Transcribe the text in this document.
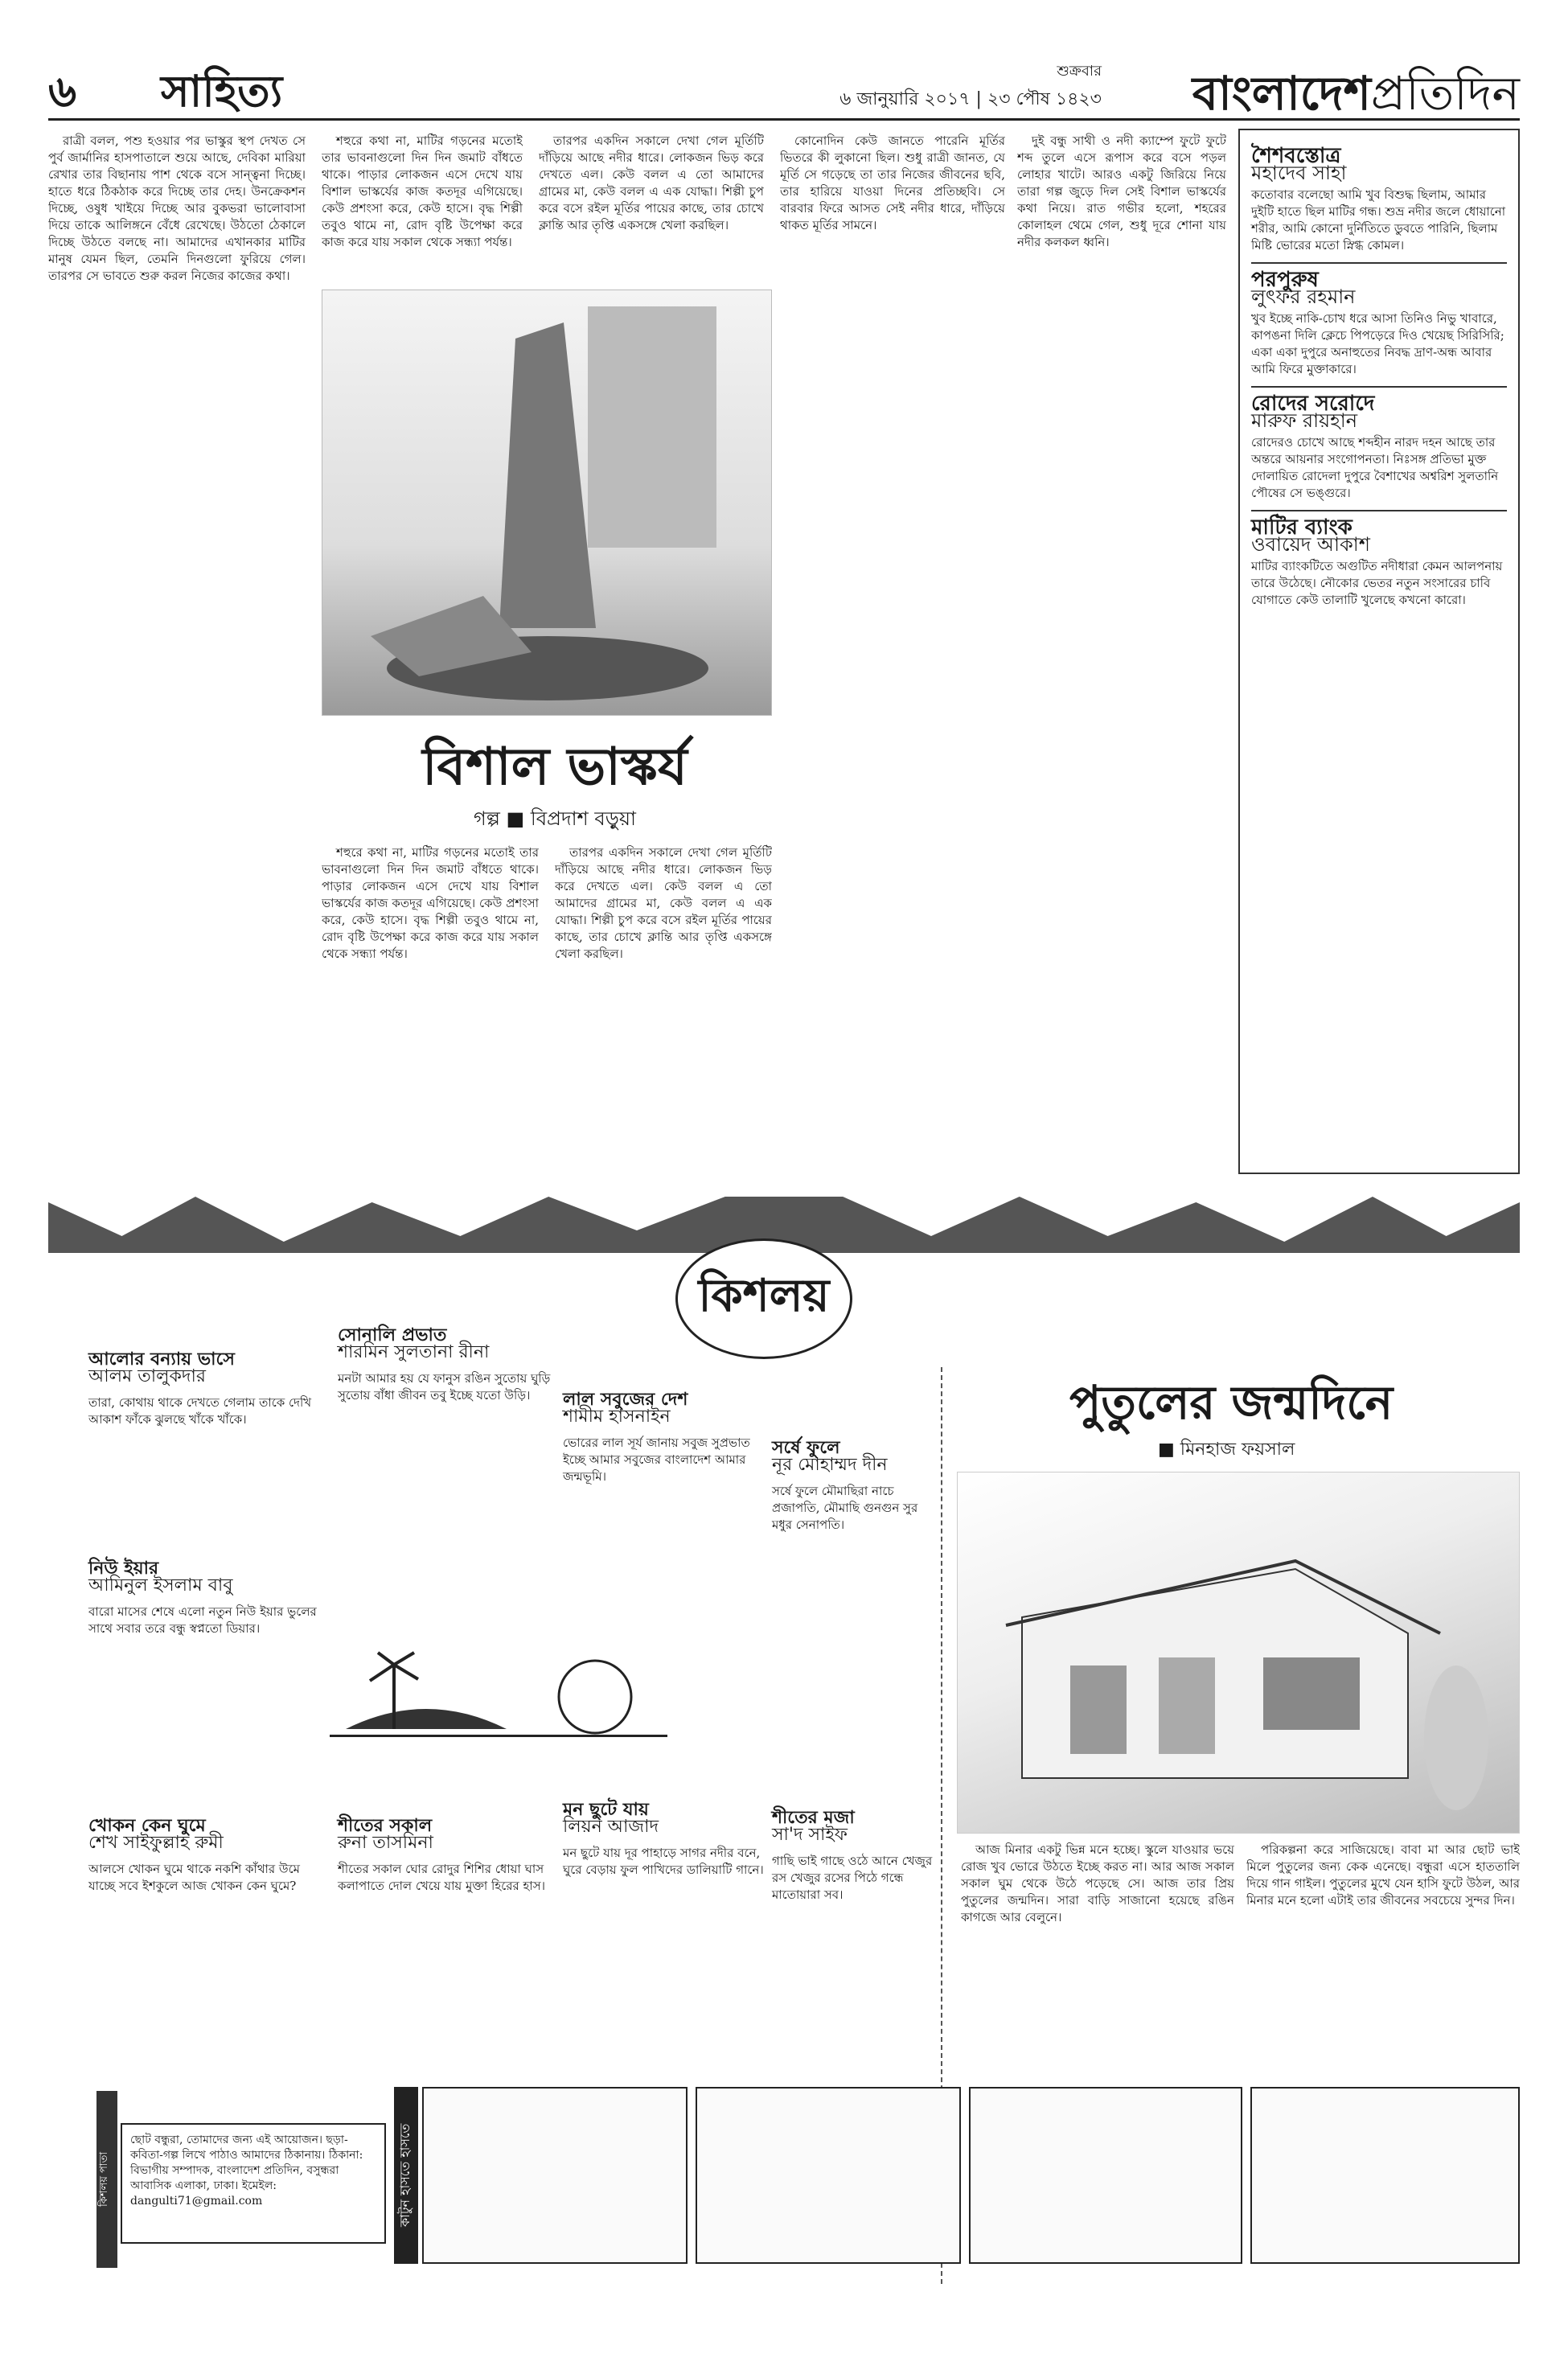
৬ সাহিত্য	শুক্রবার
৬ জানুয়ারি ২০১৭ | ২৩ পৌষ ১৪২৩ বাংলাদেশপ্রতিদিন

রাত্রী বলল, পশু হওয়ার পর ভাস্কুর স্থপ দেখত সে পুর্ব জার্মানির হাসপাতালে শুয়ে আছে, দেবিকা মারিয়া রেখার তার বিছানায় পাশ থেকে বসে সান্ত্বনা দিচ্ছে। হাতে ধরে ঠিকঠাক করে দিচ্ছে তার দেহ। উনক্রেকশন দিচ্ছে, ওষুধ খাইয়ে দিচ্ছে আর বুকভরা ভালোবাসা দিয়ে তাকে আলিঙ্গনে বেঁধে রেখেছে। উঠতো ঠেকালে দিচ্ছে উঠতে বলছে না। আমাদের এখানকার মাটির মানুষ যেমন ছিল, তেমনি দিনগুলো ফুরিয়ে গেল। তারপর সে ভাবতে শুরু করল নিজের কাজের কথা।

শহুরে কথা না, মাটির গড়নের মতোই তার ভাবনাগুলো দিন দিন জমাট বাঁধতে থাকে। পাড়ার লোকজন এসে দেখে যায় বিশাল ভাস্কর্যের কাজ কতদূর এগিয়েছে। কেউ প্রশংসা করে, কেউ হাসে। বৃদ্ধ শিল্পী তবুও থামে না, রোদ বৃষ্টি উপেক্ষা করে কাজ করে যায় সকাল থেকে সন্ধ্যা পর্যন্ত।

তারপর একদিন সকালে দেখা গেল মূর্তিটি দাঁড়িয়ে আছে নদীর ধারে। লোকজন ভিড় করে দেখতে এল। কেউ বলল এ তো আমাদের গ্রামের মা, কেউ বলল এ এক যোদ্ধা। শিল্পী চুপ করে বসে রইল মূর্তির পায়ের কাছে, তার চোখে ক্লান্তি আর তৃপ্তি একসঙ্গে খেলা করছিল।

কোনোদিন কেউ জানতে পারেনি মূর্তির ভিতরে কী লুকানো ছিল। শুধু রাত্রী জানত, যে মূর্তি সে গড়েছে তা তার নিজের জীবনের ছবি, তার হারিয়ে যাওয়া দিনের প্রতিচ্ছবি। সে বারবার ফিরে আসত সেই নদীর ধারে, দাঁড়িয়ে থাকত মূর্তির সামনে।

দুই বন্ধু সাথী ও নদী ক্যাম্পে ফুটে ফুটে শব্দ তুলে এসে রূপাস করে বসে পড়ল লোহার খাটে। আরও একটু জিরিয়ে নিয়ে তারা গল্প জুড়ে দিল সেই বিশাল ভাস্কর্যের কথা নিয়ে। রাত গভীর হলো, শহরের কোলাহল থেমে গেল, শুধু দূরে শোনা যায় নদীর কলকল ধ্বনি।

শহুরে কথা না, মাটির গড়নের মতোই তার ভাবনাগুলো দিন দিন জমাট বাঁধতে থাকে। পাড়ার লোকজন এসে দেখে যায় বিশাল ভাস্কর্যের কাজ কতদূর এগিয়েছে। কেউ প্রশংসা করে, কেউ হাসে। বৃদ্ধ শিল্পী তবুও থামে না, রোদ বৃষ্টি উপেক্ষা করে কাজ করে যায় সকাল থেকে সন্ধ্যা পর্যন্ত।

তারপর একদিন সকালে দেখা গেল মূর্তিটি দাঁড়িয়ে আছে নদীর ধারে। লোকজন ভিড় করে দেখতে এল। কেউ বলল এ তো আমাদের গ্রামের মা, কেউ বলল এ এক যোদ্ধা। শিল্পী চুপ করে বসে রইল মূর্তির পায়ের কাছে, তার চোখে ক্লান্তি আর তৃপ্তি একসঙ্গে খেলা করছিল।

বিশাল ভাস্কর্য
গল্প ■ বিপ্রদাশ বড়ুয়া
শৈশবস্তোত্র
মহাদেব সাহা
কতোবার বলেছো আমি খুব বিশুদ্ধ ছিলাম, আমার দুইটি হাতে ছিল মাটির গন্ধ। শুভ্র নদীর জলে ধোয়ানো শরীর, আমি কোনো দুর্নিতিতে ডুবতে পারিনি, ছিলাম মিষ্টি ভোরের মতো স্নিগ্ধ কোমল।
পরপুরুষ
লুৎফর রহমান
খুব ইচ্ছে নাকি-চোখ ধরে আসা তিনিও নিভু খাবারে, কাপঙনা দিলি ক্লেচে পিপড়েরে দিও খেয়েছ সিরিসিরি; একা একা দুপুরে অনাহুতের নিবদ্ধ দ্রাণ-অন্ধ আবার আমি ফিরে মুক্তাকারে।
রোদের সরোদে
মারুফ রায়হান
রোদেরও চোখে আছে শব্দহীন নারদ দহন আছে তার অন্তরে আয়নার সংগোপনতা। নিঃসঙ্গ প্রতিভা মুক্ত দোলায়িত রোদেলা দুপুরে বৈশাখের অশ্বরিশ সুলতানি পৌষের সে ভঙ্গুরে।
মাটির ব্যাংক
ওবায়েদ আকাশ
মাটির ব্যাংকটিতে অগুটিত নদীধারা কেমন আলপনায় তারে উঠেছে। নৌকোর ভেতর নতুন সংসারের চাবি যোগাতে কেউ তালাটি খুলেছে কখনো কারো।
কিশলয়
আলোর বন্যায় ভাসে
আলম তালুকদার
তারা, কোথায় থাকে দেখতে গেলাম তাকে দেখি আকাশ ফাঁকে ঝুলছে খাঁকে খাঁকে।
সোনালি প্রভাত
শারমিন সুলতানা রীনা
মনটা আমার হয় যে ফানুস রঙিন সুতোয় ঘুড়ি সুতোয় বাঁধা জীবন তবু ইচ্ছে যতো উড়ি।	লাল সবুজের দেশ
শামীম হাসনাইন
ভোরের লাল সূর্য জানায় সবুজ সুপ্রভাত ইচ্ছে আমার সবুজের বাংলাদেশ আমার জন্মভূমি।
সর্ষে ফুলে
নূর মোহাম্মদ দীন
সর্ষে ফুলে মৌমাছিরা নাচে প্রজাপতি, মৌমাছি গুনগুন সুর মধুর সেনাপতি।
নিউ ইয়ার
আমিনুল ইসলাম বাবু
বারো মাসের শেষে এলো নতুন নিউ ইয়ার ভুলের সাথে সবার তরে বন্ধু স্বপ্নতো ডিয়ার।
খোকন কেন ঘুমে
শেখ সাইফুল্লাহ রুমী
আলসে খোকন ঘুমে থাকে নকশি কাঁথার উমে যাচ্ছে সবে ইশকুলে আজ খোকন কেন ঘুমে?
শীতের সকাল
রুনা তাসমিনা
শীতের সকাল ঘোর রোদুর শিশির ধোয়া ঘাস কলাপাতে দোল খেয়ে যায় মুক্তা হিরের হাস।
মন ছুটে যায়
লিয়ন আজাদ
মন ছুটে যায় দূর পাহাড়ে সাগর নদীর বনে, ঘুরে বেড়ায় ফুল পাখিদের ডালিয়াটি গানে।
শীতের মজা
সা'দ সাইফ
গাছি ভাই গাছে ওঠে আনে খেজুর রস খেজুর রসের পিঠে গন্ধে মাতোয়ারা সব।
পুতুলের জন্মদিনে
■ মিনহাজ ফয়সাল

আজ মিনার একটু ভিন্ন মনে হচ্ছে। স্কুলে যাওয়ার ভয়ে রোজ খুব ভোরে উঠতে ইচ্ছে করত না। আর আজ সকাল সকাল ঘুম থেকে উঠে পড়েছে সে। আজ তার প্রিয় পুতুলের জন্মদিন। সারা বাড়ি সাজানো হয়েছে রঙিন কাগজে আর বেলুনে।

পরিকল্পনা করে সাজিয়েছে। বাবা মা আর ছোট ভাই মিলে পুতুলের জন্য কেক এনেছে। বন্ধুরা এসে হাততালি দিয়ে গান গাইল। পুতুলের মুখে যেন হাসি ফুটে উঠল, আর মিনার মনে হলো এটাই তার জীবনের সবচেয়ে সুন্দর দিন।

কিশলয় পাতা
ছোট বন্ধুরা, তোমাদের জন্য এই আয়োজন। ছড়া-কবিতা-গল্প লিখে পাঠাও আমাদের ঠিকানায়। ঠিকানা: বিভাগীয় সম্পাদক, বাংলাদেশ প্রতিদিন, বসুন্ধরা আবাসিক এলাকা, ঢাকা। ইমেইল: dangulti71@gmail.com	কাটুন হাসতে হাসতে
